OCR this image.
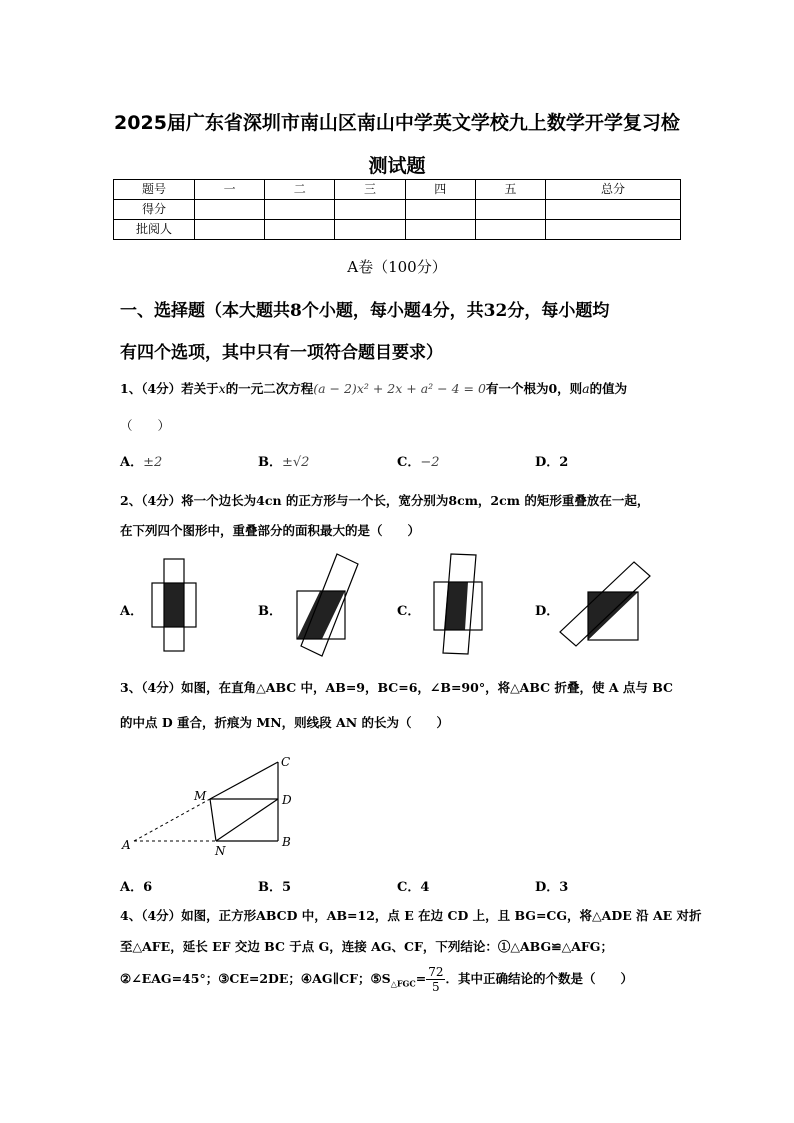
2025届广东省深圳市南山区南山中学英文学校九上数学开学复习检
测试题
题号	一	二	三	四	五	总分
得分						
批阅人						
A卷（100分）
一、选择题（本大题共8个小题，每小题4分，共32分，每小题均
有四个选项，其中只有一项符合题目要求）
1、（4分）若关于x的一元二次方程(a − 2)x² + 2x + a² − 4 = 0有一个根为0，则a的值为
（　　）
A．±2	B．±√2	C．−2	D．2
2、（4分）将一个边长为4cn 的正方形与一个长，宽分别为8cm，2cm 的矩形重叠放在一起，
在下列四个图形中，重叠部分的面积最大的是（　　）
A．	B．	C．	D．
3、（4分）如图，在直角△ABC 中，AB=9，BC=6，∠B=90°，将△ABC 折叠，使 A 点与 BC
的中点 D 重合，折痕为 MN，则线段 AN 的长为（　　）
A	B
C
D
M
N
A．6	B．5	C．4	D．3
4、（4分）如图，正方形ABCD 中，AB=12，点 E 在边 CD 上，且 BG=CG，将△ADE 沿 AE 对折
至△AFE，延长 EF 交边 BC 于点 G，连接 AG、CF，下列结论：①△ABG≌△AFG；
②∠EAG=45°；③CE=2DE；④AG∥CF；$⑤S_{\triangle FGC}= \frac{72}{5}$ ．其中正确结论的个数是（　　）
